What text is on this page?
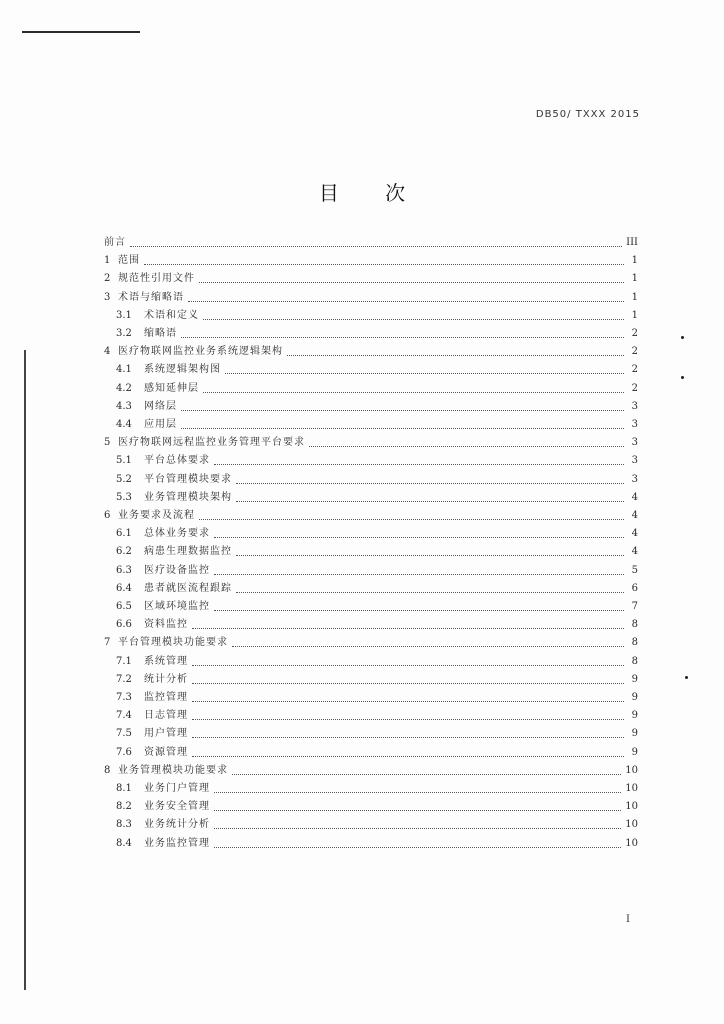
DB50/ TXXX 2015
目 次
前言	III
1 范围	1
2 规范性引用文件	1
3 术语与缩略语	1
3.1	术语和定义	1
3.2	缩略语	2
4 医疗物联网监控业务系统逻辑架构	2
4.1	系统逻辑架构图	2
4.2	感知延伸层	2
4.3	网络层	3
4.4	应用层	3
5 医疗物联网远程监控业务管理平台要求	3
5.1	平台总体要求	3
5.2	平台管理模块要求	3
5.3	业务管理模块架构	4
6 业务要求及流程	4
6.1	总体业务要求	4
6.2	病患生理数据监控	4
6.3	医疗设备监控	5
6.4	患者就医流程跟踪	6
6.5	区域环境监控	7
6.6	资料监控	8
7 平台管理模块功能要求	8
7.1	系统管理	8
7.2	统计分析	9
7.3	监控管理	9
7.4	日志管理	9
7.5	用户管理	9
7.6	资源管理	9
8 业务管理模块功能要求	10
8.1	业务门户管理	10
8.2	业务安全管理	10
8.3	业务统计分析	10
8.4	业务监控管理	10
I
